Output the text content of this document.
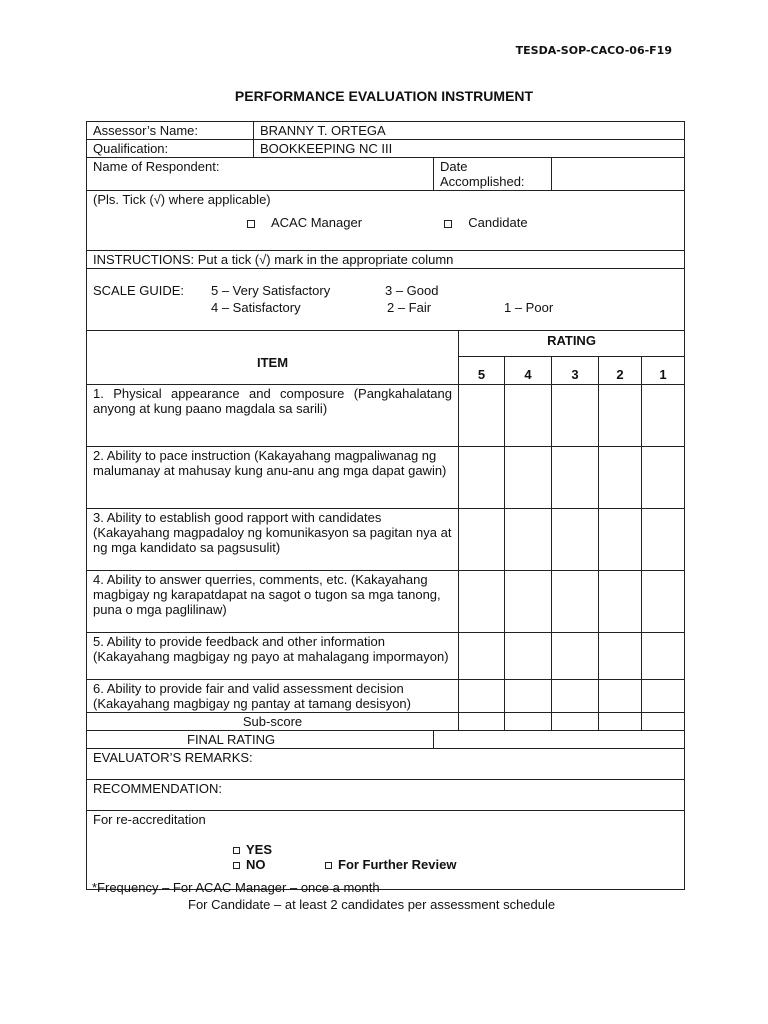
TESDA-SOP-CACO-06-F19
PERFORMANCE EVALUATION INSTRUMENT
Assessor’s Name:	BRANNY T. ORTEGA						
Qualification:	BOOKKEEPING NC III						
Name of Respondent:		Date Accomplished:					

(Pls. Tick (√) where applicable)
ACAC Manager Candidate							

INSTRUCTIONS: Put a tick (√) mark in the appropriate column							

SCALE GUIDE: 5 – Very Satisfactory 3 – Good
4 – Satisfactory 2 – Fair 1 – Poor							

ITEM			RATING				
			5	4	3	2	1
1. Physical appearance and composure (Pangkahalatang anyong at kung paano magdala sa sarili)							
2. Ability to pace instruction (Kakayahang magpaliwanag ng malumanay at mahusay kung anu-anu ang mga dapat gawin)							
3. Ability to establish good rapport with candidates (Kakayahang magpadaloy ng komunikasyon sa pagitan nya at ng mga kandidato sa pagsusulit)							
4. Ability to answer querries, comments, etc. (Kakayahang magbigay ng karapatdapat na sagot o tugon sa mga tanong, puna o mga paglilinaw)							
5. Ability to provide feedback and other information (Kakayahang magbigay ng payo at mahalagang impormayon)							
6. Ability to provide fair and valid assessment decision (Kakayahang magbigay ng pantay at tamang desisyon)							
Sub-score							
FINAL RATING							
EVALUATOR’S REMARKS:							
RECOMMENDATION:							

For re-accreditation
YES
NO For Further Review							
*Frequency – For ACAC Manager – once a month
For Candidate – at least 2 candidates per assessment schedule
